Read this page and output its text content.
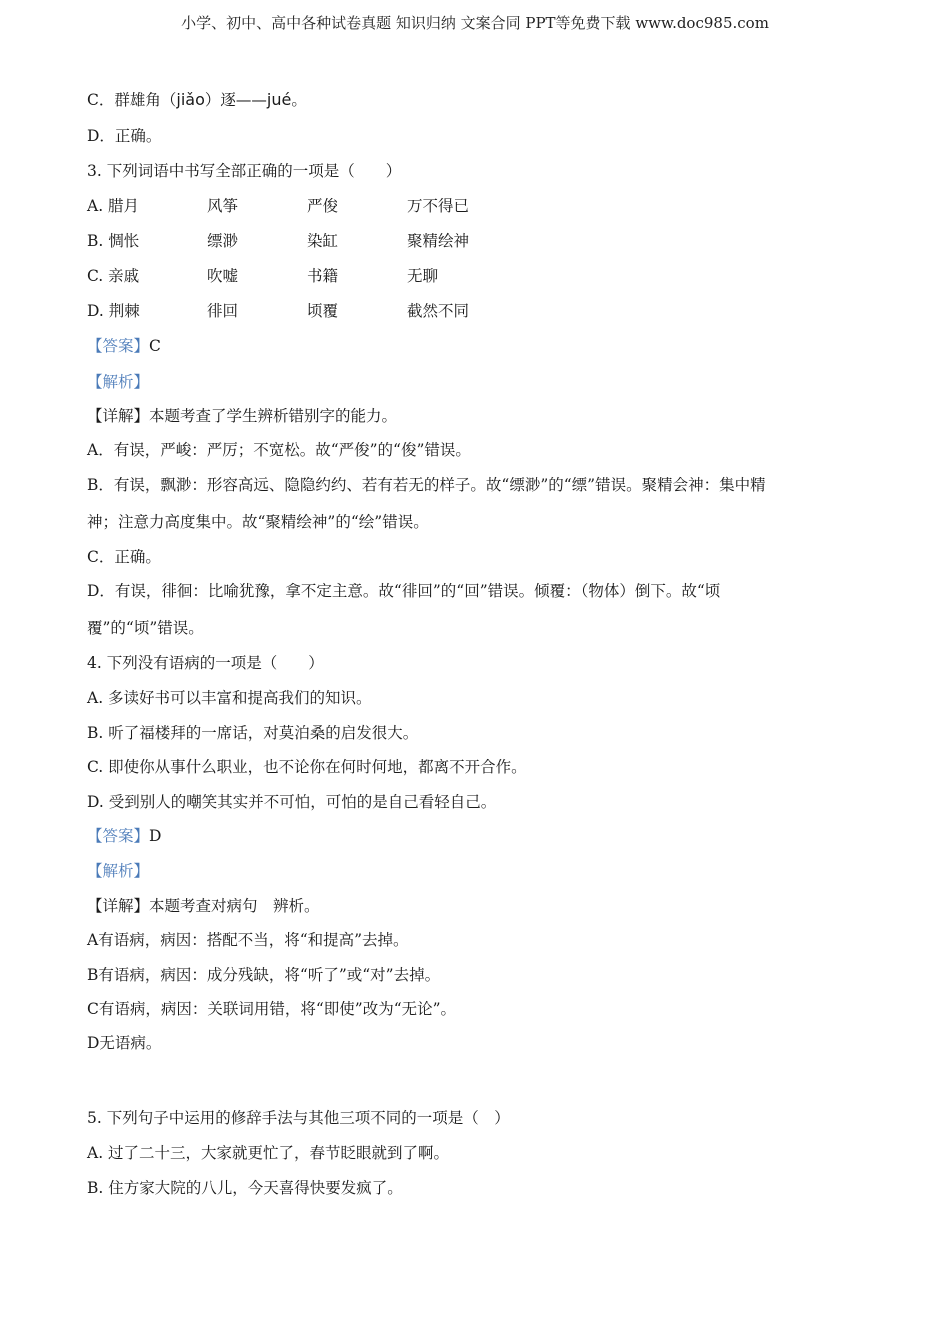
小学、初中、高中各种试卷真题 知识归纳 文案合同 PPT等免费下载 www.doc985.com
C．群雄角（jiǎo）逐——jué。
D．正确。
3. 下列词语中书写全部正确的一项是（　　）
A. 腊月	风筝	严俊	万不得已
B. 惆怅	缥渺	染缸	聚精绘神
C. 亲戚	吹嘘	书籍	无聊
D. 荆棘	徘回	顷覆	截然不同
【答案】C
【解析】
【详解】本题考查了学生辨析错别字的能力。
A．有误，严峻：严厉；不宽松。故“严俊”的“俊”错误。
B．有误，飘渺：形容高远、隐隐约约、若有若无的样子。故“缥渺”的“缥”错误。聚精会神：集中精
神；注意力高度集中。故“聚精绘神”的“绘”错误。
C．正确。
D．有误，徘徊：比喻犹豫，拿不定主意。故“徘回”的“回”错误。倾覆：（物体）倒下。故“顷
覆”的“顷”错误。
4. 下列没有语病的一项是（　　）
A. 多读好书可以丰富和提高我们的知识。
B. 听了福楼拜的一席话，对莫泊桑的启发很大。
C. 即使你从事什么职业，也不论你在何时何地，都离不开合作。
D. 受到别人的嘲笑其实并不可怕，可怕的是自己看轻自己。
【答案】D
【解析】
【详解】本题考查对病句　辨析。
A有语病，病因：搭配不当，将“和提高”去掉。
B有语病，病因：成分残缺，将“听了”或“对”去掉。
C有语病，病因：关联词用错，将“即使”改为“无论”。
D无语病。
5. 下列句子中运用的修辞手法与其他三项不同的一项是（　）
A. 过了二十三，大家就更忙了，春节眨眼就到了啊。
B. 住方家大院的八儿，今天喜得快要发疯了。
